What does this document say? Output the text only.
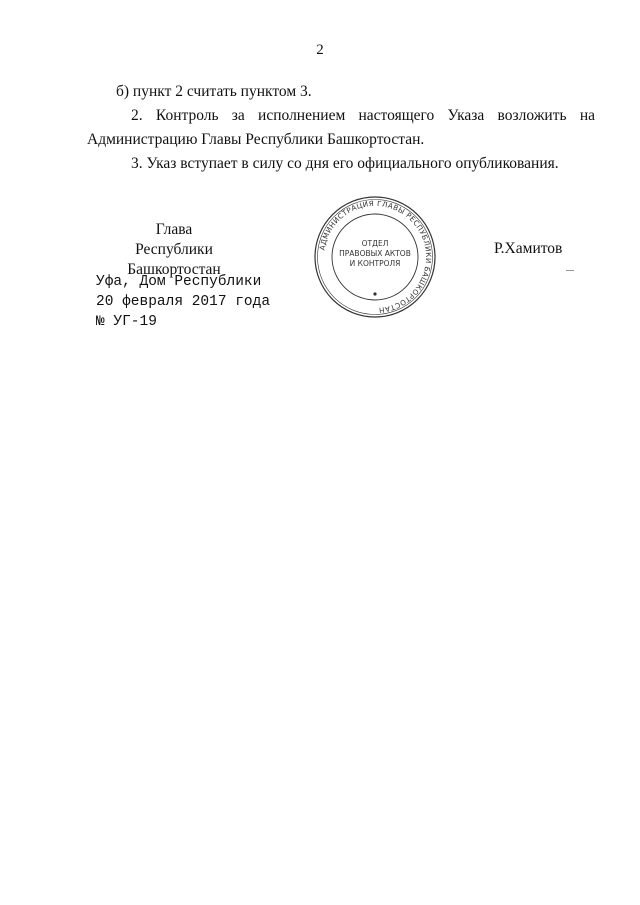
2
б) пункт 2 считать пунктом 3.
2. Контроль за исполнением настоящего Указа возложить на
Администрацию Главы Республики Башкортостан.
3. Указ вступает в силу со дня его официального опубликования.
Глава
Республики Башкортостан
АДМИНИСТРАЦИЯ ГЛАВЫ РЕСПУБЛИКИ БАШКОРТОСТАН
ОТДЕЛ
ПРАВОВЫХ АКТОВ
И КОНТРОЛЯ
Р.Хамитов
Уфа, Дом Республики
20 февраля 2017 года
№ УГ-19
